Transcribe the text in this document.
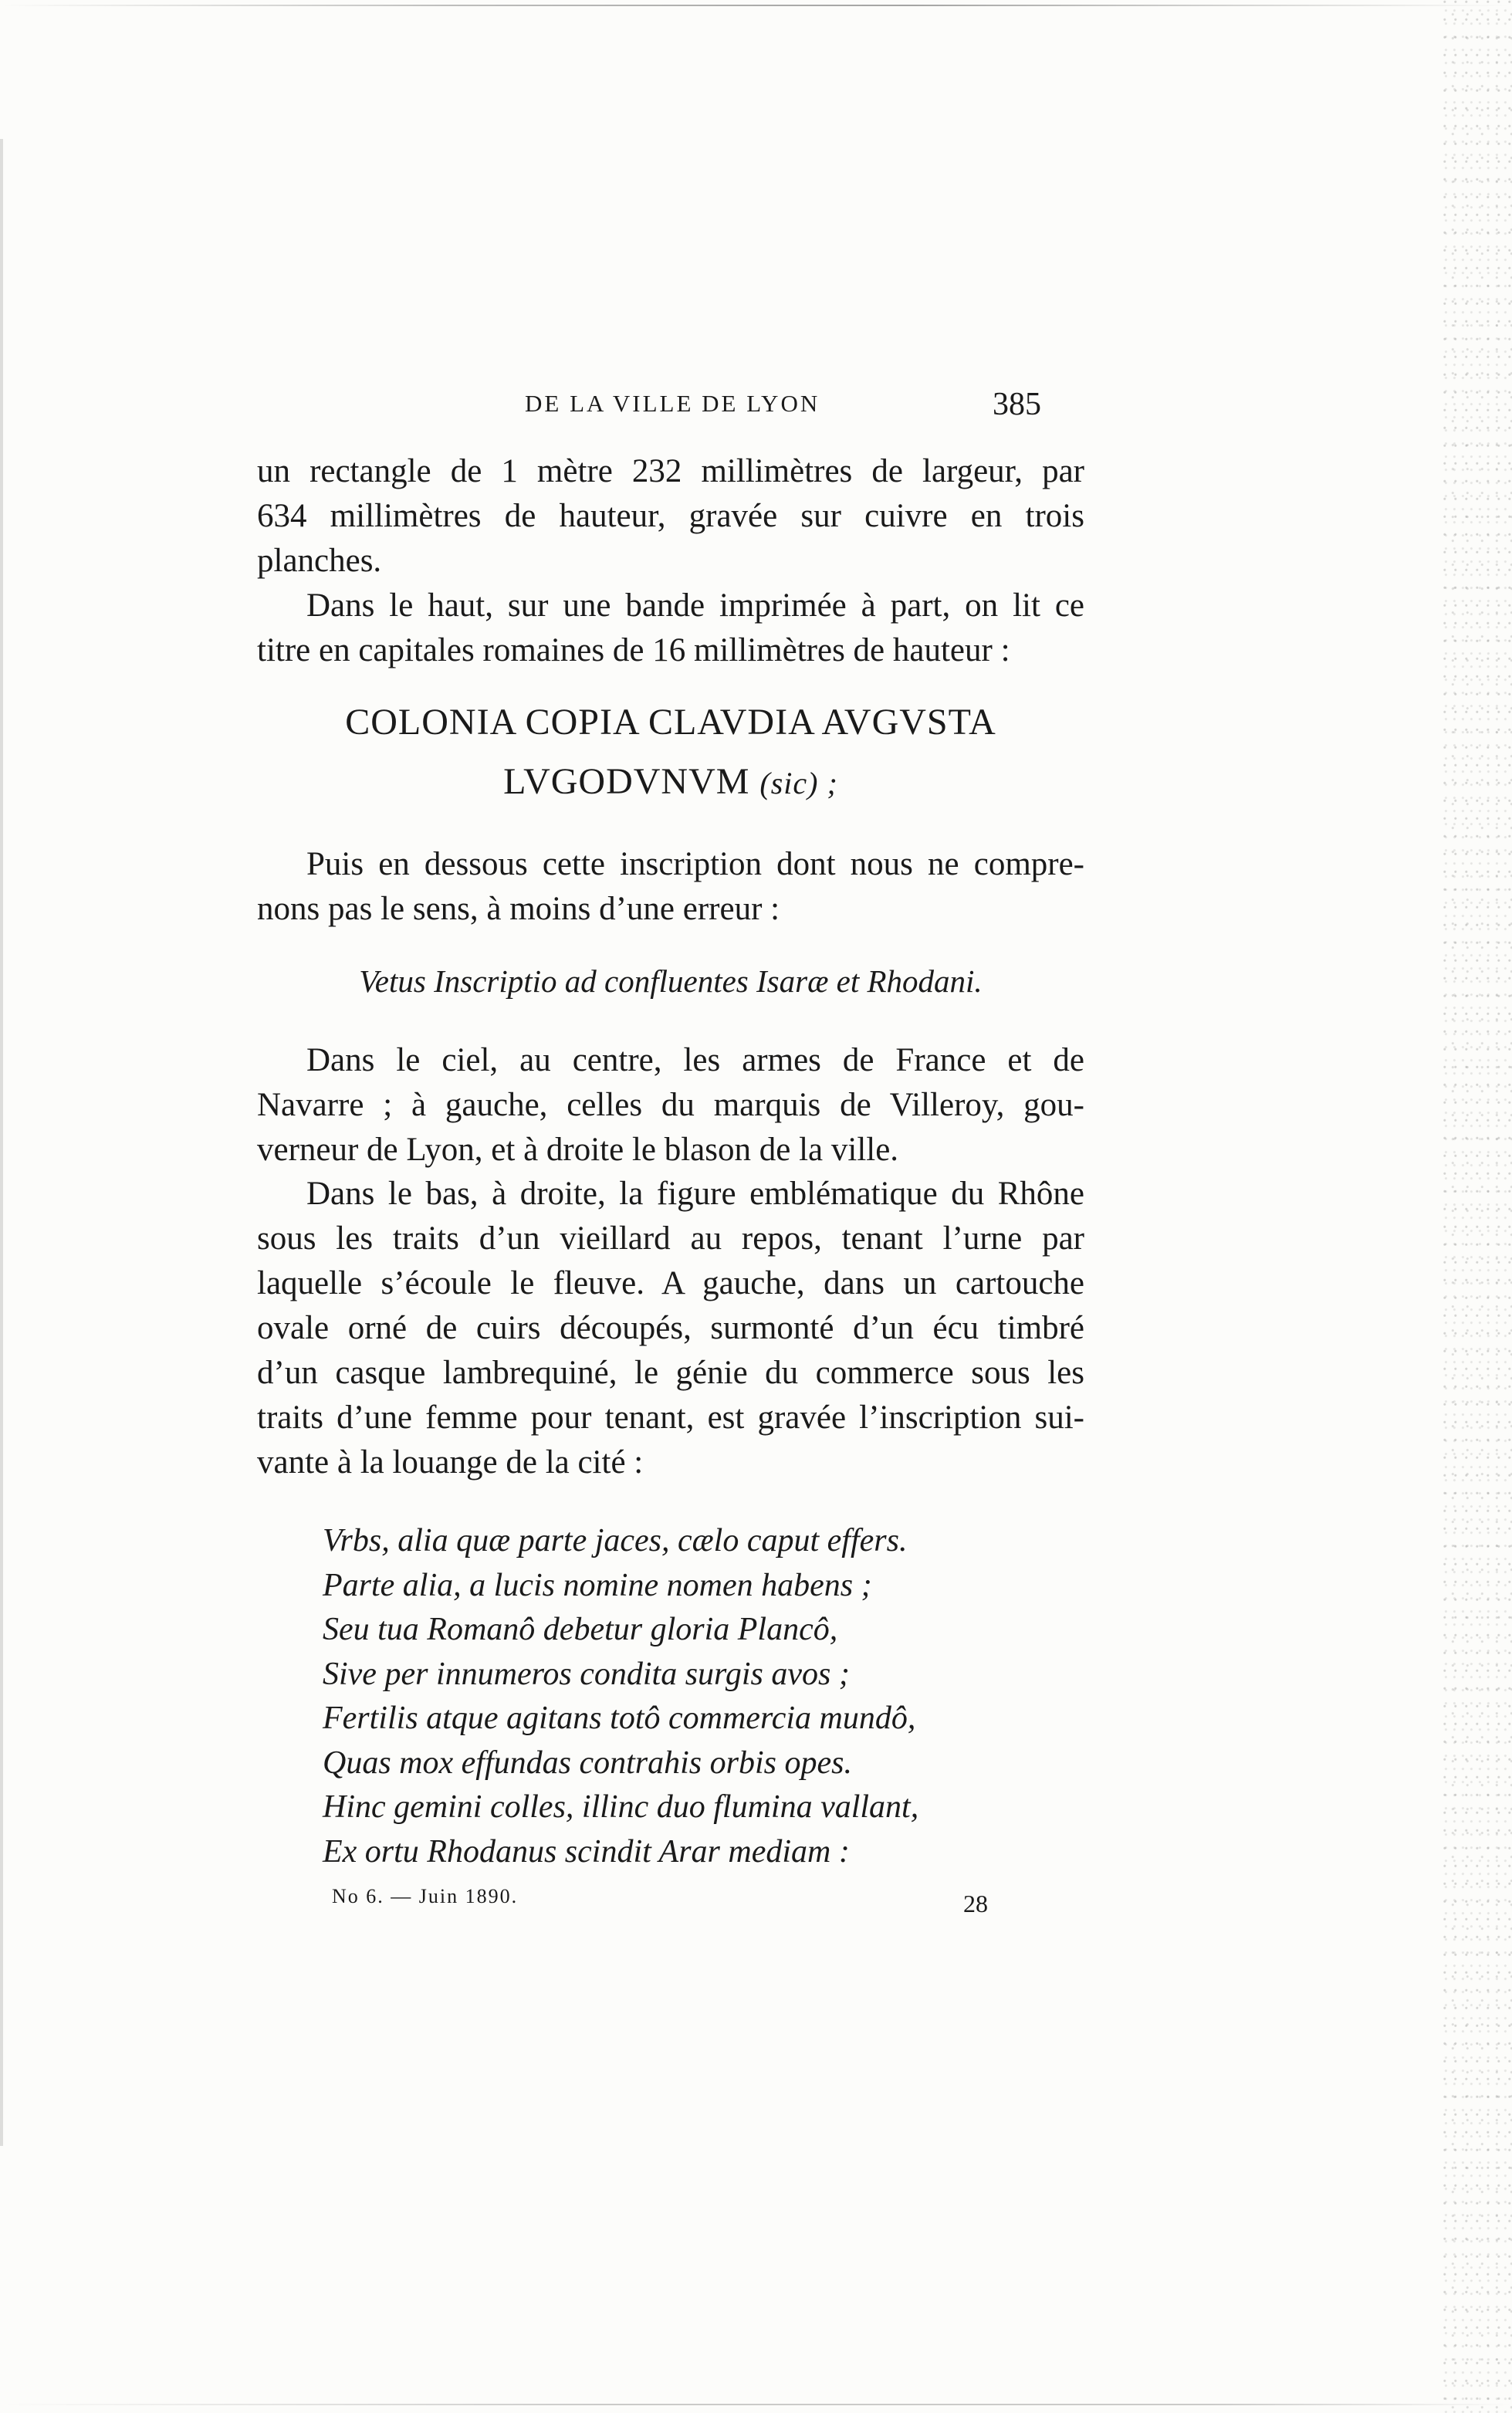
DE LA VILLE DE LYON	385
un rectangle de 1 mètre 232 millimètres de largeur, par
634 millimètres de hauteur, gravée sur cuivre en trois
planches.
Dans le haut, sur une bande imprimée à part, on lit ce
titre en capitales romaines de 16 millimètres de hauteur :
COLONIA COPIA CLAVDIA AVGVSTA
LVGODVNVM (sic) ;
Puis en dessous cette inscription dont nous ne compre-
nons pas le sens, à moins d’une erreur :
Vetus Inscriptio ad confluentes Isaræ et Rhodani.
Dans le ciel, au centre, les armes de France et de
Navarre ; à gauche, celles du marquis de Villeroy, gou-
verneur de Lyon, et à droite le blason de la ville.
Dans le bas, à droite, la figure emblématique du Rhône
sous les traits d’un vieillard au repos, tenant l’urne par
laquelle s’écoule le fleuve. A gauche, dans un cartouche
ovale orné de cuirs découpés, surmonté d’un écu timbré
d’un casque lambrequiné, le génie du commerce sous les
traits d’une femme pour tenant, est gravée l’inscription sui-
vante à la louange de la cité :
Vrbs, alia quæ parte jaces, cælo caput effers.
Parte alia, a lucis nomine nomen habens ;
Seu tua Romanô debetur gloria Plancô,
Sive per innumeros condita surgis avos ;
Fertilis atque agitans totô commercia mundô,
Quas mox effundas contrahis orbis opes.
Hinc gemini colles, illinc duo flumina vallant,
Ex ortu Rhodanus scindit Arar mediam :
No 6. — Juin 1890.	28
